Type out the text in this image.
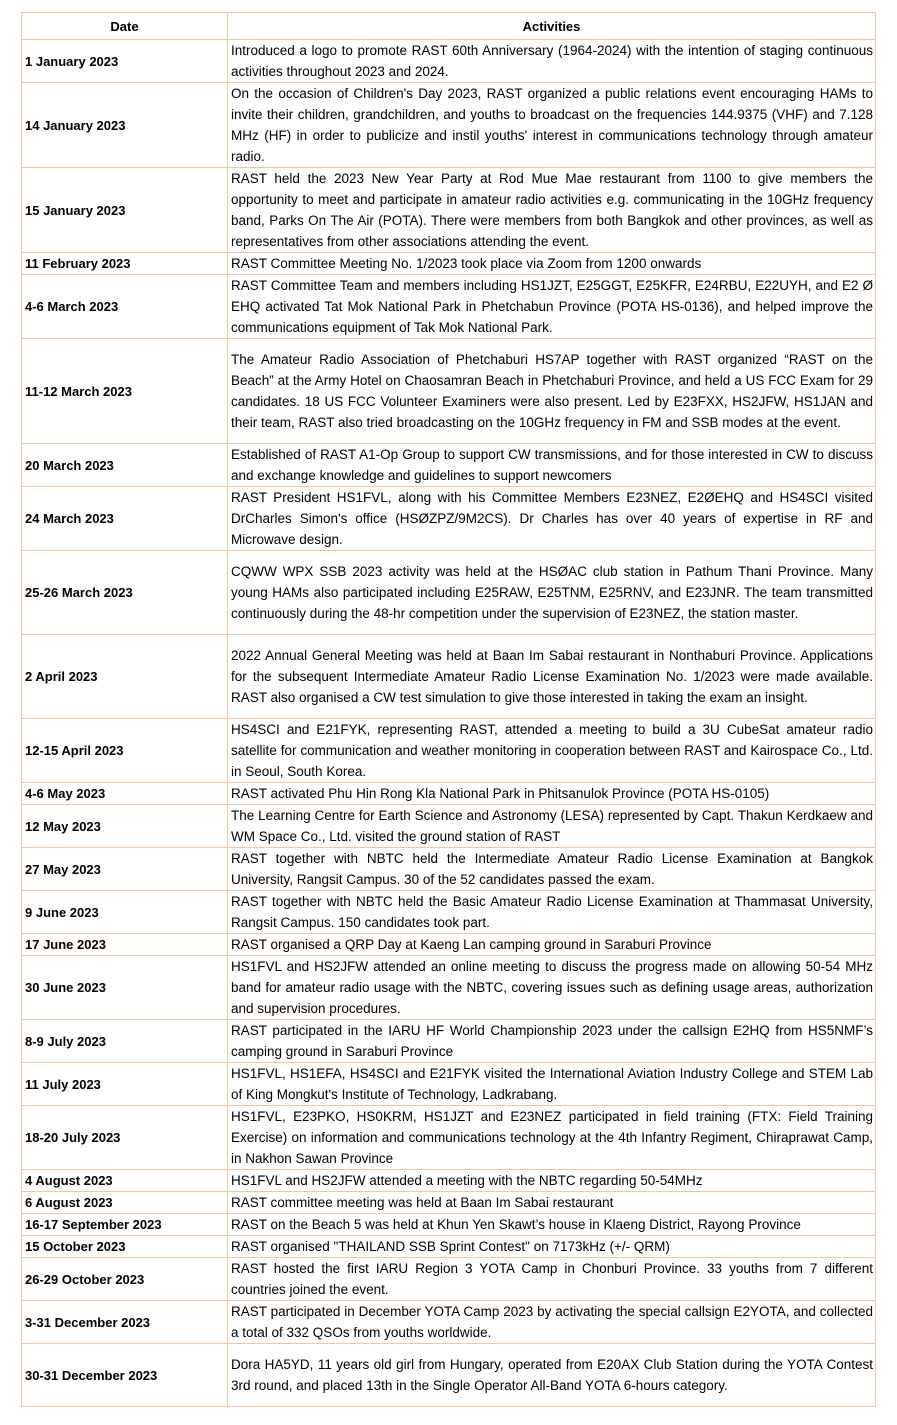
Date	Activities
1 January 2023	Introduced a logo to promote RAST 60th Anniversary (1964-2024) with the intention of staging continuous activities throughout 2023 and 2024.
14 January 2023	On the occasion of Children's Day 2023, RAST organized a public relations event encouraging HAMs to invite their children, grandchildren, and youths to broadcast on the frequencies 144.9375 (VHF) and 7.128 MHz (HF) in order to publicize and instil youths' interest in communications technology through amateur radio.
15 January 2023	RAST held the 2023 New Year Party at Rod Mue Mae restaurant from 1100 to give members the opportunity to meet and participate in amateur radio activities e.g. communicating in the 10GHz frequency band, Parks On The Air (POTA). There were members from both Bangkok and other provinces, as well as representatives from other associations attending the event.
11 February 2023	RAST Committee Meeting No. 1/2023 took place via Zoom from 1200 onwards
4-6 March 2023	RAST Committee Team and members including HS1JZT, E25GGT, E25KFR, E24RBU, E22UYH, and E2 Ø EHQ activated Tat Mok National Park in Phetchabun Province (POTA HS-0136), and helped improve the communications equipment of Tak Mok National Park.
11-12 March 2023	The Amateur Radio Association of Phetchaburi HS7AP together with RAST organized “RAST on the Beach” at the Army Hotel on Chaosamran Beach in Phetchaburi Province, and held a US FCC Exam for 29 candidates. 18 US FCC Volunteer Examiners were also present. Led by E23FXX, HS2JFW, HS1JAN and their team, RAST also tried broadcasting on the 10GHz frequency in FM and SSB modes at the event.
20 March 2023	Established of RAST A1-Op Group to support CW transmissions, and for those interested in CW to discuss and exchange knowledge and guidelines to support newcomers
24 March 2023	RAST President HS1FVL, along with his Committee Members E23NEZ, E2ØEHQ and HS4SCI visited DrCharles Simon's office (HSØZPZ/9M2CS). Dr Charles has over 40 years of expertise in RF and Microwave design.
25-26 March 2023	CQWW WPX SSB 2023 activity was held at the HSØAC club station in Pathum Thani Province. Many young HAMs also participated including E25RAW, E25TNM, E25RNV, and E23JNR. The team transmitted continuously during the 48-hr competition under the supervision of E23NEZ, the station master.
2 April 2023	2022 Annual General Meeting was held at Baan Im Sabai restaurant in Nonthaburi Province. Applications for the subsequent Intermediate Amateur Radio License Examination No. 1/2023 were made available. RAST also organised a CW test simulation to give those interested in taking the exam an insight.
12-15 April 2023	HS4SCI and E21FYK, representing RAST, attended a meeting to build a 3U CubeSat amateur radio satellite for communication and weather monitoring in cooperation between RAST and Kairospace Co., Ltd. in Seoul, South Korea.
4-6 May 2023	RAST activated Phu Hin Rong Kla National Park in Phitsanulok Province (POTA HS-0105)
12 May 2023	The Learning Centre for Earth Science and Astronomy (LESA) represented by Capt. Thakun Kerdkaew and WM Space Co., Ltd. visited the ground station of RAST
27 May 2023	RAST together with NBTC held the Intermediate Amateur Radio License Examination at Bangkok University, Rangsit Campus. 30 of the 52 candidates passed the exam.
9 June 2023	RAST together with NBTC held the Basic Amateur Radio License Examination at Thammasat University, Rangsit Campus. 150 candidates took part.
17 June 2023	RAST organised a QRP Day at Kaeng Lan camping ground in Saraburi Province
30 June 2023	HS1FVL and HS2JFW attended an online meeting to discuss the progress made on allowing 50-54 MHz band for amateur radio usage with the NBTC, covering issues such as defining usage areas, authorization and supervision procedures.
8-9 July 2023	RAST participated in the IARU HF World Championship 2023 under the callsign E2HQ from HS5NMF’s camping ground in Saraburi Province
11 July 2023	HS1FVL, HS1EFA, HS4SCI and E21FYK visited the International Aviation Industry College and STEM Lab of King Mongkut's Institute of Technology, Ladkrabang.
18-20 July 2023	HS1FVL, E23PKO, HS0KRM, HS1JZT and E23NEZ participated in field training (FTX: Field Training Exercise) on information and communications technology at the 4th Infantry Regiment, Chiraprawat Camp, in Nakhon Sawan Province
4 August 2023	HS1FVL and HS2JFW attended a meeting with the NBTC regarding 50-54MHz
6 August 2023	RAST committee meeting was held at Baan Im Sabai restaurant
16-17 September 2023	RAST on the Beach 5 was held at Khun Yen Skawt’s house in Klaeng District, Rayong Province
15 October 2023	RAST organised "THAILAND SSB Sprint Contest" on 7173kHz (+/- QRM)
26-29 October 2023	RAST hosted the first IARU Region 3 YOTA Camp in Chonburi Province. 33 youths from 7 different countries joined the event.
3-31 December 2023	RAST participated in December YOTA Camp 2023 by activating the special callsign E2YOTA, and collected a total of 332 QSOs from youths worldwide.
30-31 December 2023	Dora HA5YD, 11 years old girl from Hungary, operated from E20AX Club Station during the YOTA Contest 3rd round, and placed 13th in the Single Operator All-Band YOTA 6-hours category.
